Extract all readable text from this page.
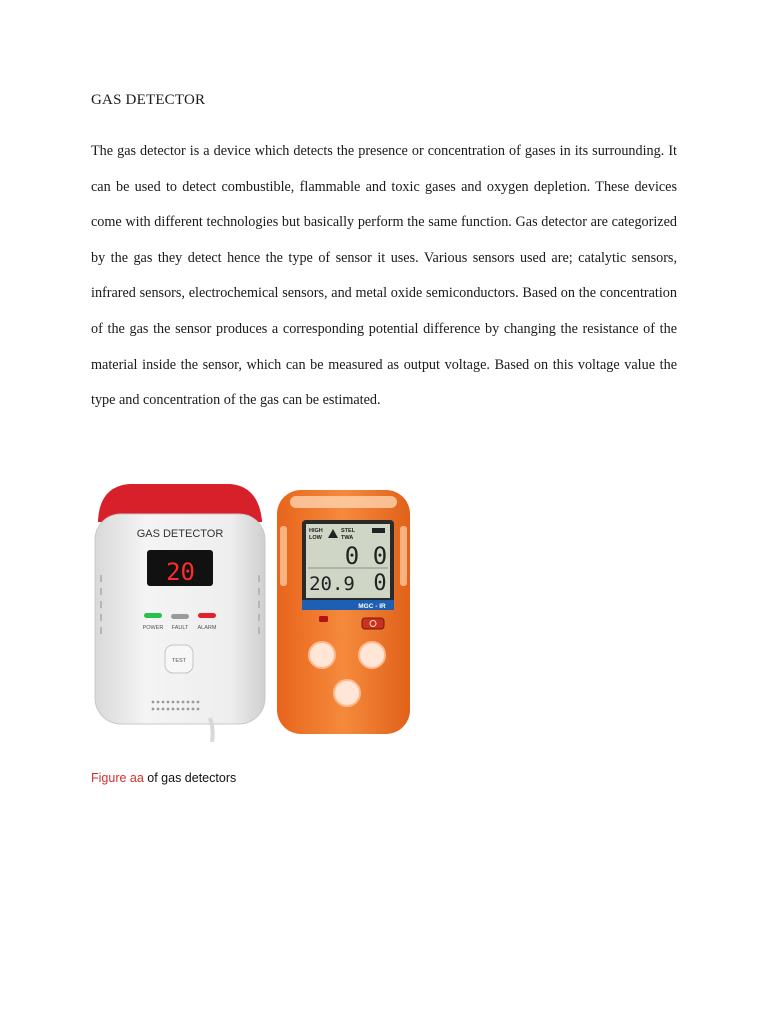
GAS DETECTOR

The gas detector is a device which detects the presence or concentration of gases in its surrounding. It can be used to detect combustible, flammable and toxic gases and oxygen depletion. These devices come with different technologies but basically perform the same function. Gas detector are categorized by the gas they detect hence the type of sensor it uses. Various sensors used are; catalytic sensors, infrared sensors, electrochemical sensors, and metal oxide semiconductors. Based on the concentration of the gas the sensor produces a corresponding potential difference by changing the resistance of the material inside the sensor, which can be measured as output voltage. Based on this voltage value the type and concentration of the gas can be estimated.

GAS DETECTOR
20
POWER FAULT ALARM
TEST
HIGH
LOW
STEL
TWA
0 0
20.9 0
MGC - IR

Figure aa of gas detectors
